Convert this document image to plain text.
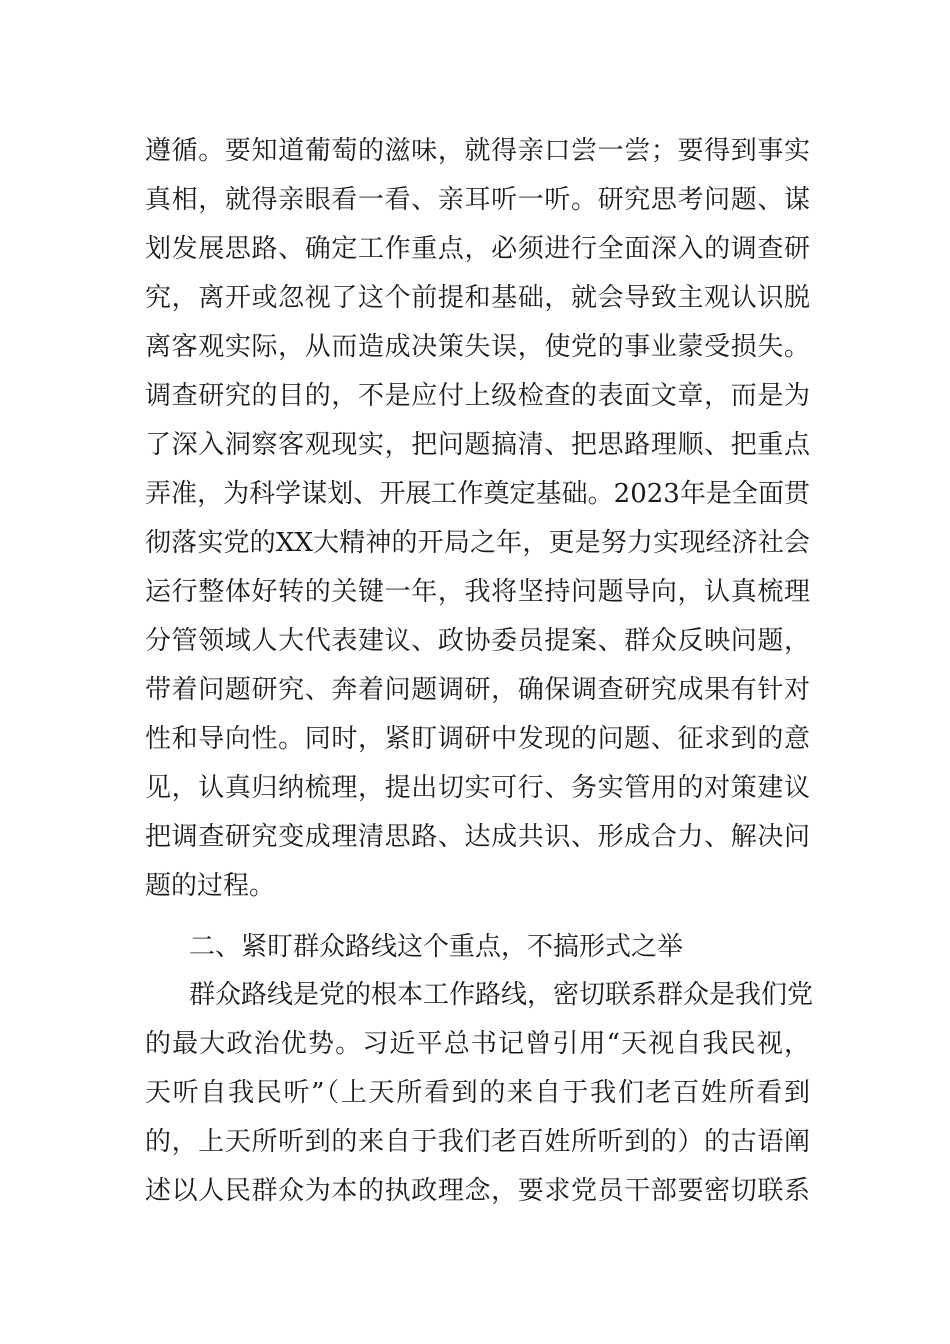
遵循。要知道葡萄的滋味，就得亲口尝一尝；要得到事实
真相，就得亲眼看一看、亲耳听一听。研究思考问题、谋
划发展思路、确定工作重点，必须进行全面深入的调查研
究，离开或忽视了这个前提和基础，就会导致主观认识脱
离客观实际，从而造成决策失误，使党的事业蒙受损失。
调查研究的目的，不是应付上级检查的表面文章，而是为
了深入洞察客观现实，把问题搞清、把思路理顺、把重点
弄准，为科学谋划、开展工作奠定基础。2023年是全面贯
彻落实党的XX大精神的开局之年，更是努力实现经济社会
运行整体好转的关键一年，我将坚持问题导向，认真梳理
分管领域人大代表建议、政协委员提案、群众反映问题，
带着问题研究、奔着问题调研，确保调查研究成果有针对
性和导向性。同时，紧盯调研中发现的问题、征求到的意
见，认真归纳梳理，提出切实可行、务实管用的对策建议
把调查研究变成理清思路、达成共识、形成合力、解决问
题的过程。
二、紧盯群众路线这个重点，不搞形式之举
群众路线是党的根本工作路线，密切联系群众是我们党
的最大政治优势。习近平总书记曾引用“天视自我民视，
天听自我民听”（上天所看到的来自于我们老百姓所看到
的，上天所听到的来自于我们老百姓所听到的）的古语阐
述以人民群众为本的执政理念，要求党员干部要密切联系
